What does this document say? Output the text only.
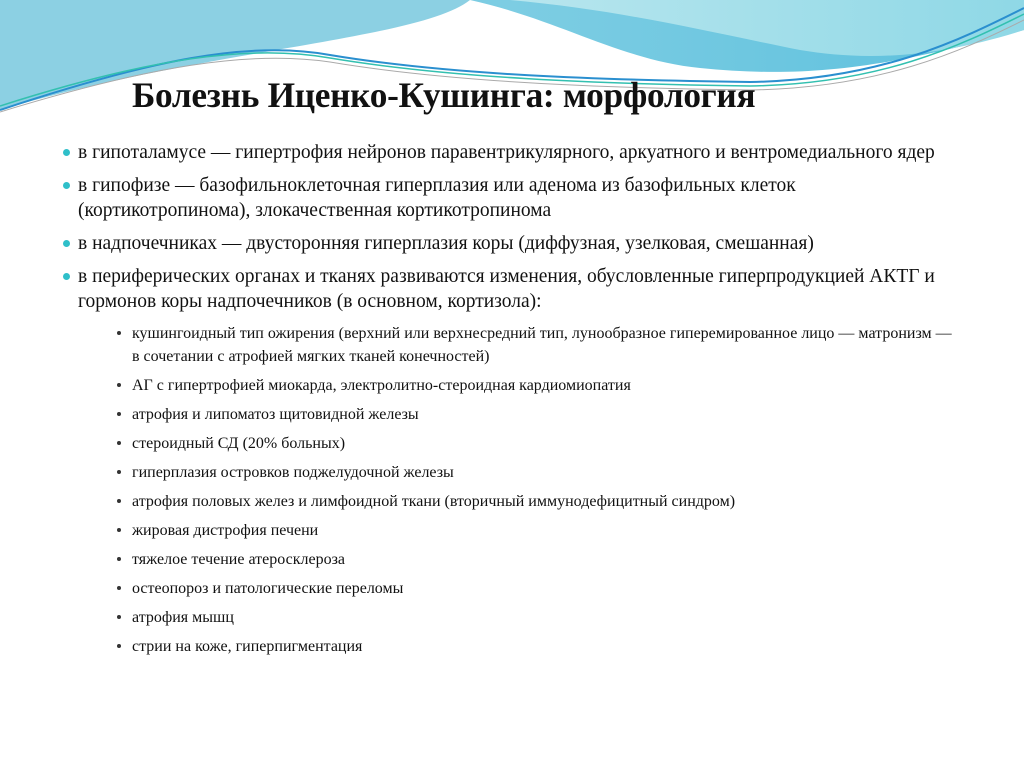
Болезнь Иценко-Кушинга: морфология
в гипоталамусе — гипертрофия нейронов паравентрикулярного, аркуатного и вентромедиального ядер
в гипофизе — базофильноклеточная гиперплазия или аденома из базофильных клеток (кортикотропинома), злокачественная кортикотропинома
в надпочечниках — двусторонняя гиперплазия коры (диффузная, узелковая, смешанная)
в периферических органах и тканях развиваются изменения, обусловленные гиперпродукцией АКТГ и гормонов коры надпочечников (в основном, кортизола):
кушингоидный тип ожирения (верхний или верхнесредний тип, лунообразное гиперемированное лицо — матронизм — в сочетании с атрофией мягких тканей конечностей)
АГ с гипертрофией миокарда, электролитно-стероидная кардиомиопатия
атрофия и липоматоз щитовидной железы
стероидный СД (20% больных)
гиперплазия островков поджелудочной железы
атрофия половых желез и лимфоидной ткани (вторичный иммунодефицитный синдром)
жировая дистрофия печени
тяжелое течение атеросклероза
остеопороз и патологические переломы
атрофия мышц
стрии на коже, гиперпигментация
